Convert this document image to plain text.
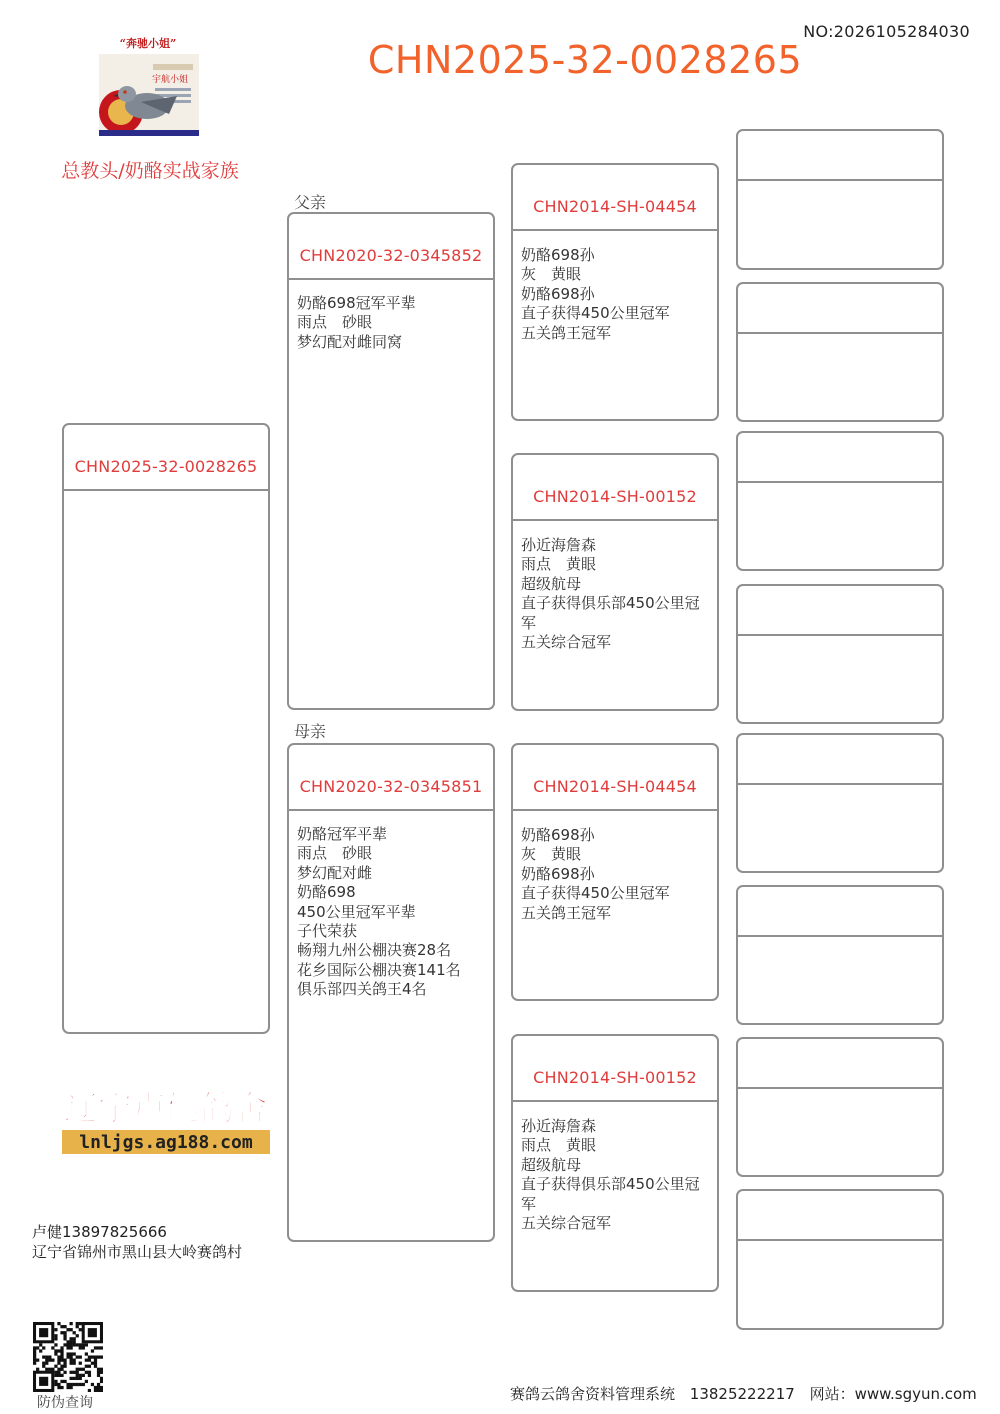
NO:2026105284030
CHN2025-32-0028265
“奔驰小姐”
宇航小姐
总教头/奶酪实战家族
父亲
母亲
CHN2025-32-0028265
CHN2020-32-0345852
奶酪698冠军平辈
雨点　砂眼
梦幻配对雌同窝
CHN2020-32-0345851
奶酪冠军平辈
雨点　砂眼
梦幻配对雌
奶酪698
450公里冠军平辈
子代荣获
畅翔九州公棚决赛28名
花乡国际公棚决赛141名
俱乐部四关鸽王4名
CHN2014-SH-04454
奶酪698孙
灰　黄眼
奶酪698孙
直子获得450公里冠军
五关鸽王冠军
CHN2014-SH-00152
孙近海詹森
雨点　黄眼
超级航母
直子获得俱乐部450公里冠军
五关综合冠军
CHN2014-SH-04454
奶酪698孙
灰　黄眼
奶酪698孙
直子获得450公里冠军
五关鸽王冠军
CHN2014-SH-00152
孙近海詹森
雨点　黄眼
超级航母
直子获得俱乐部450公里冠军
五关综合冠军
辽宁卢健鸽舍
lnljgs.ag188.com
卢健13897825666
辽宁省锦州市黑山县大岭赛鸽村
防伪查询	赛鸽云鸽舍资料管理系统 13825222217 网站：www.sgyun.com
